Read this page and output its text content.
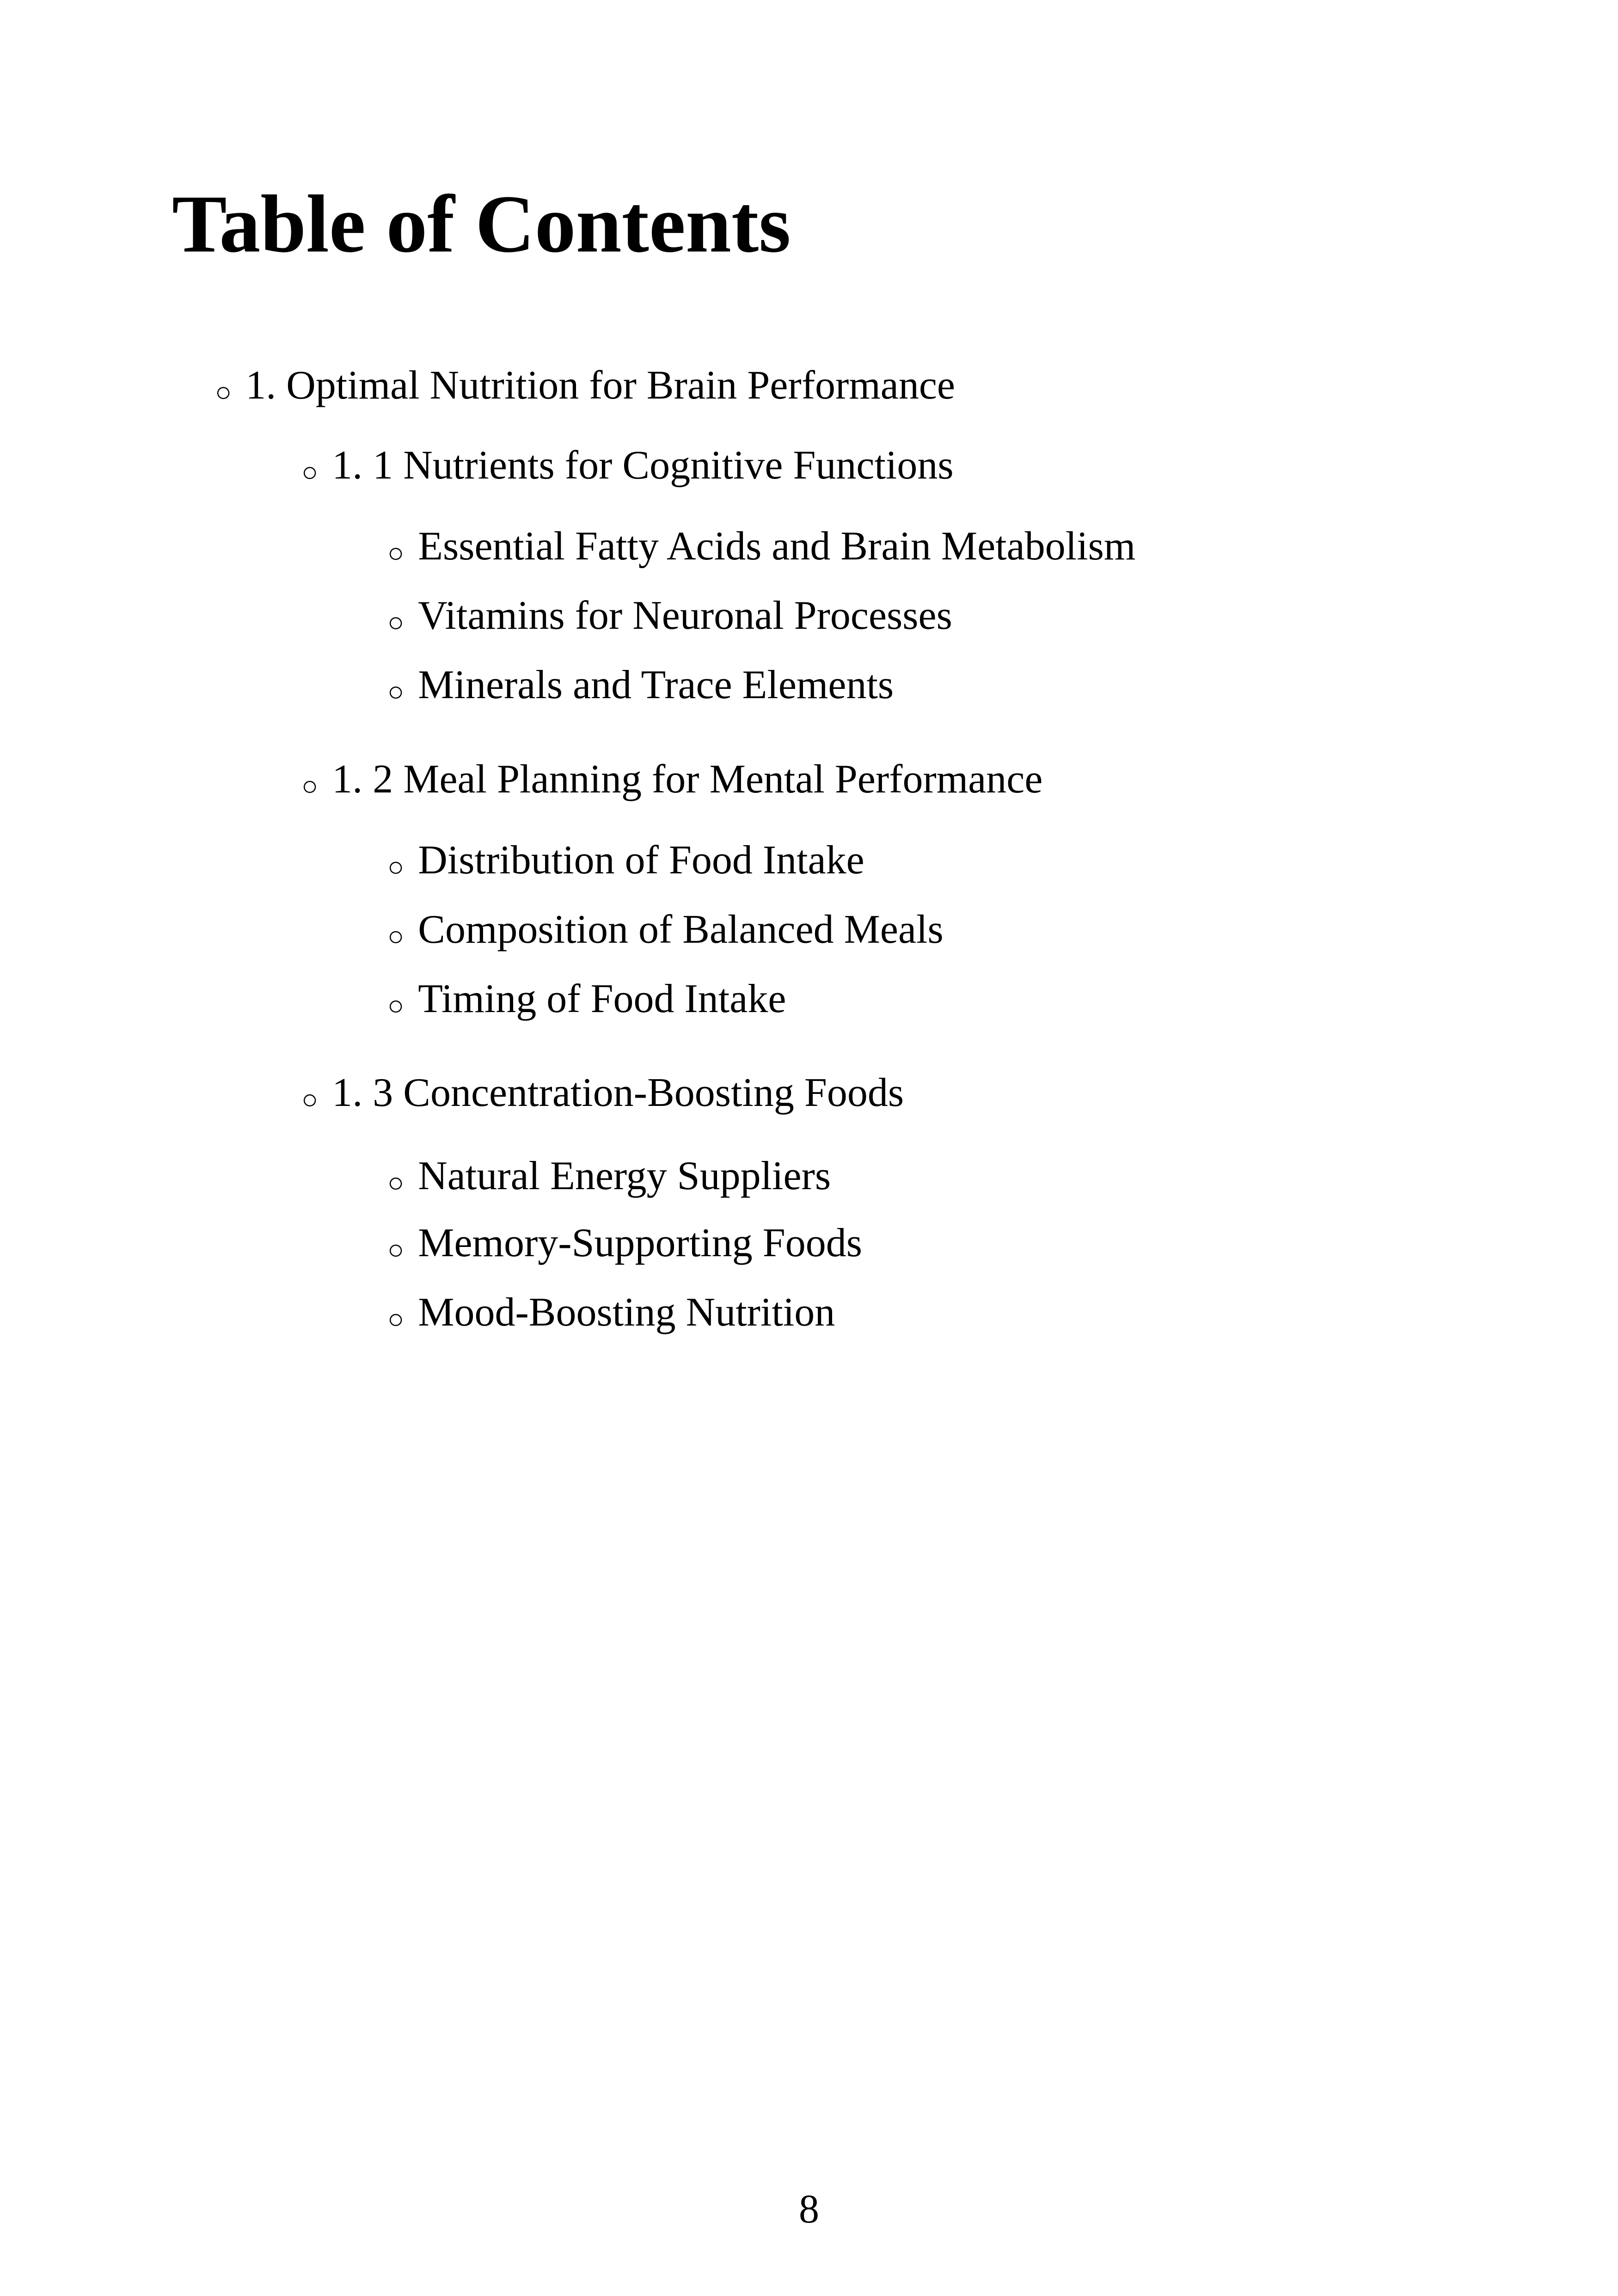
Table of Contents
○ 1. Optimal Nutrition for Brain Performance
○ 1. 1 Nutrients for Cognitive Functions
○ Essential Fatty Acids and Brain Metabolism
○ Vitamins for Neuronal Processes
○ Minerals and Trace Elements
○ 1. 2 Meal Planning for Mental Performance
○ Distribution of Food Intake
○ Composition of Balanced Meals
○ Timing of Food Intake
○ 1. 3 Concentration-Boosting Foods
○ Natural Energy Suppliers
○ Memory-Supporting Foods
○ Mood-Boosting Nutrition
8
